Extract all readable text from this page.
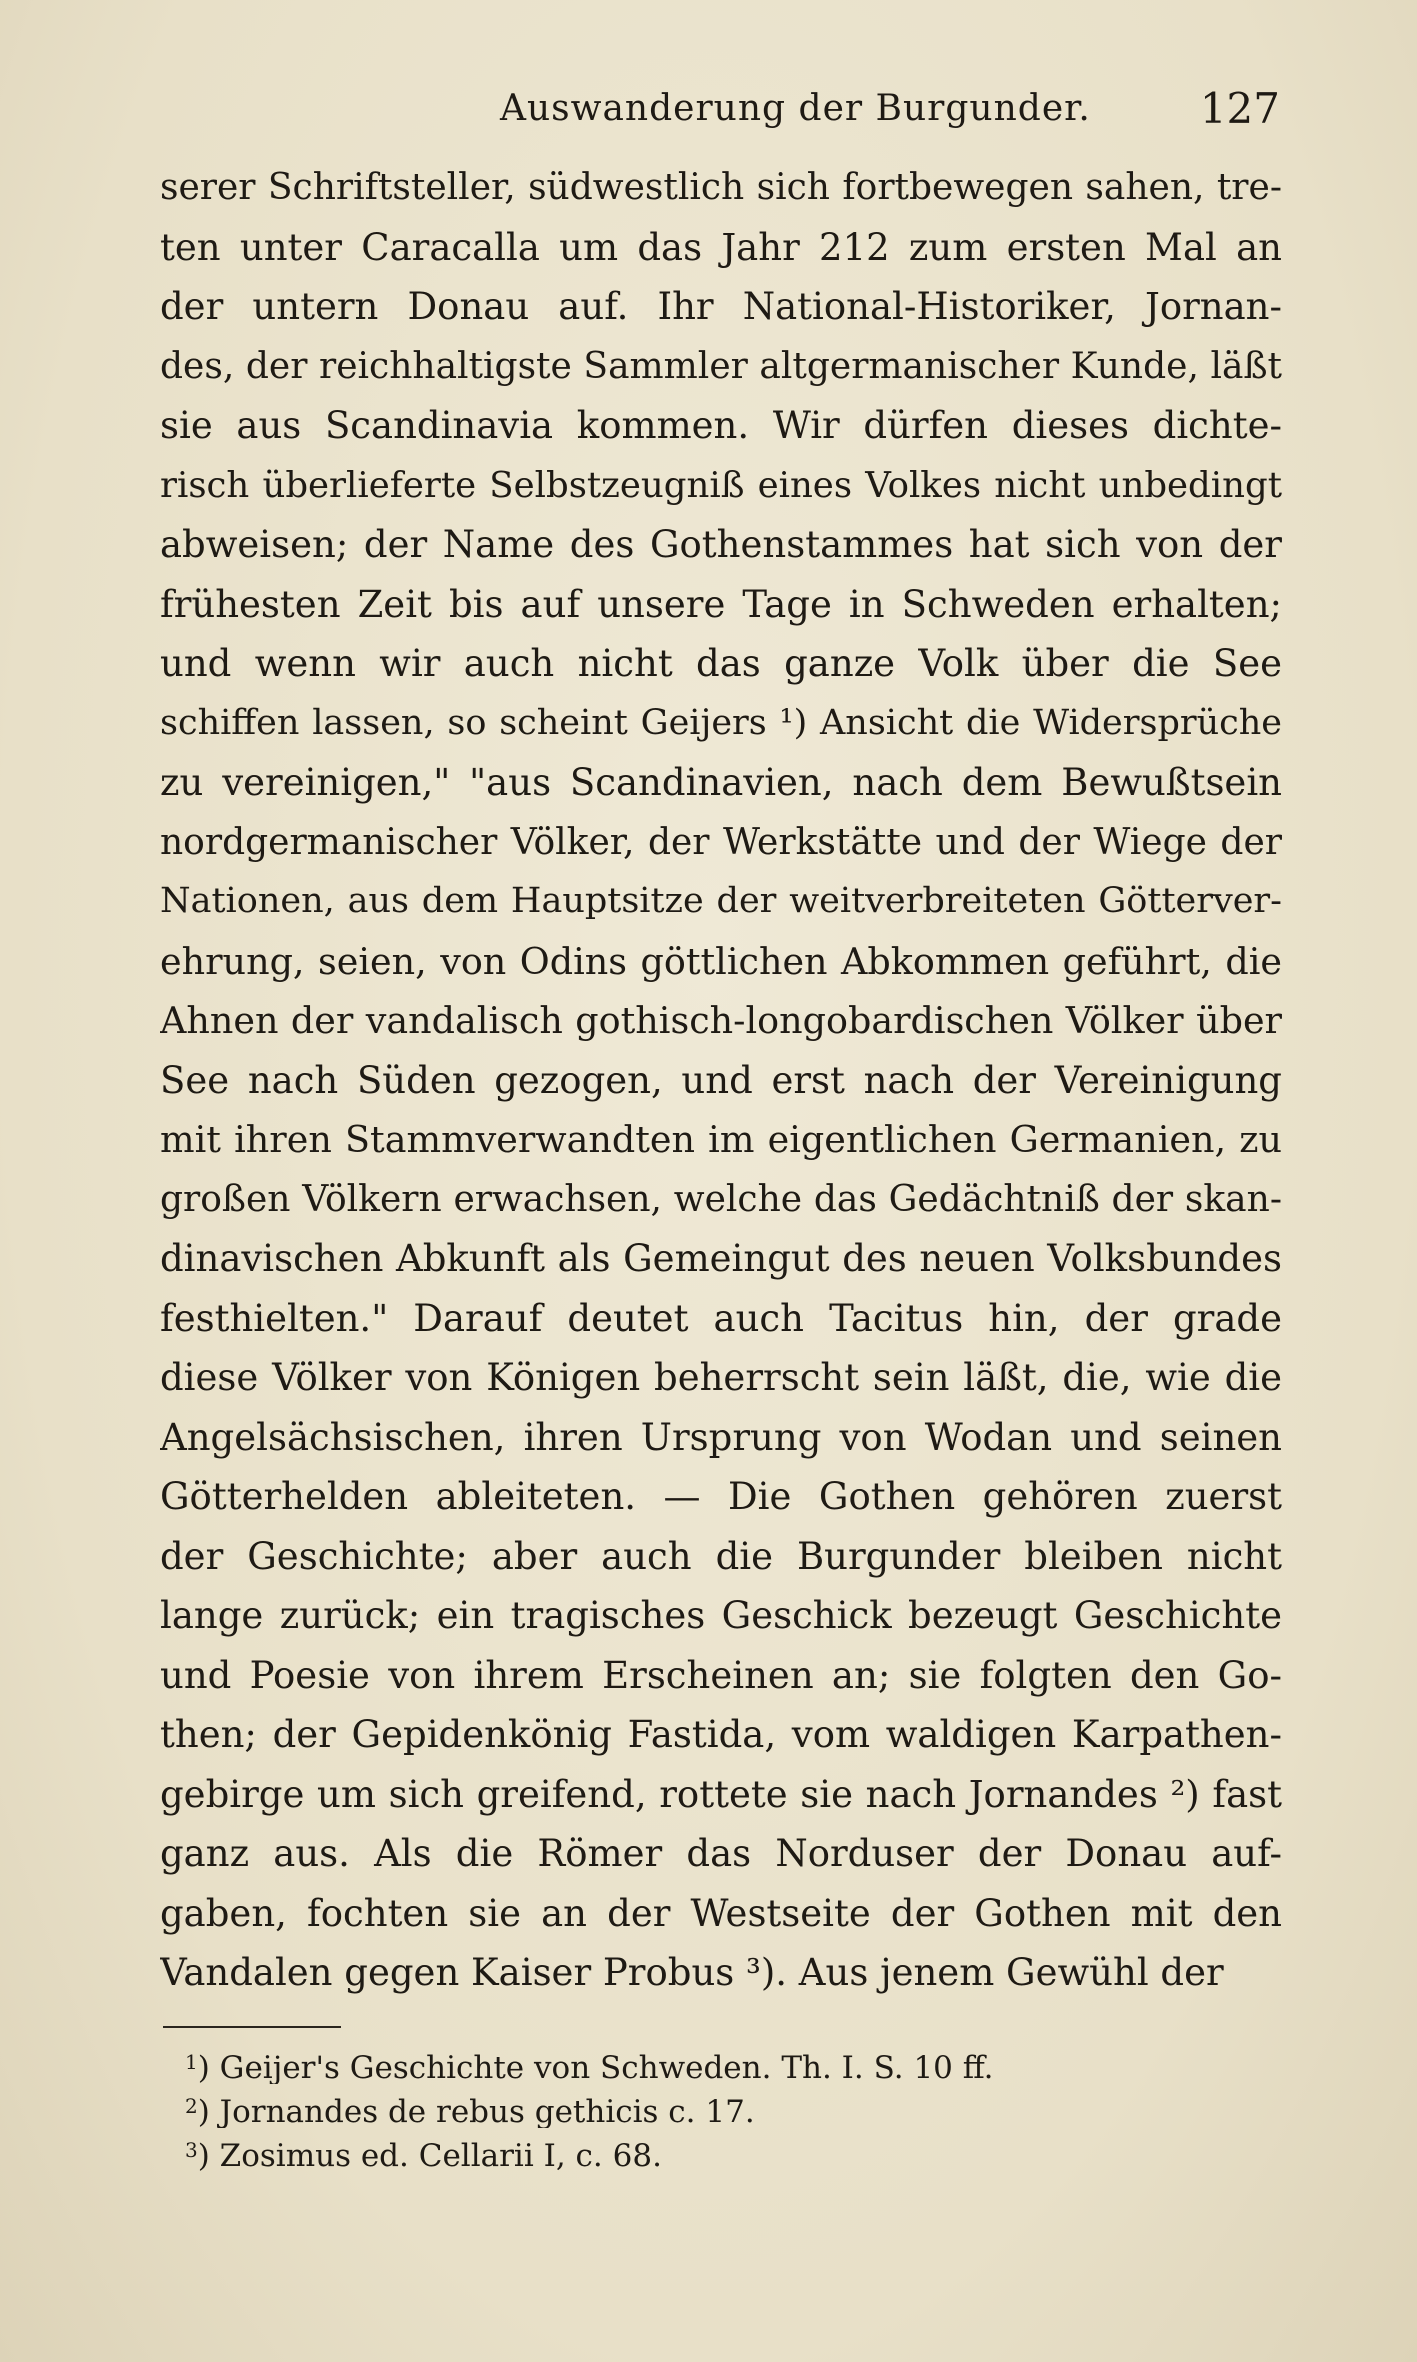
Auswanderung der Burgunder.	127
serer Schriftsteller, südwestlich sich fortbewegen sahen, tre-
ten unter Caracalla um das Jahr 212 zum ersten Mal an
der untern Donau auf. Ihr National-Historiker, Jornan-
des, der reichhaltigste Sammler altgermanischer Kunde, läßt
sie aus Scandinavia kommen. Wir dürfen dieses dichte-
risch überlieferte Selbstzeugniß eines Volkes nicht unbedingt
abweisen; der Name des Gothenstammes hat sich von der
frühesten Zeit bis auf unsere Tage in Schweden erhalten;
und wenn wir auch nicht das ganze Volk über die See
schiffen lassen, so scheint Geijers ¹) Ansicht die Widersprüche
zu vereinigen," "aus Scandinavien, nach dem Bewußtsein
nordgermanischer Völker, der Werkstätte und der Wiege der
Nationen, aus dem Hauptsitze der weitverbreiteten Götterver-
ehrung, seien, von Odins göttlichen Abkommen geführt, die
Ahnen der vandalisch gothisch-longobardischen Völker über
See nach Süden gezogen, und erst nach der Vereinigung
mit ihren Stammverwandten im eigentlichen Germanien, zu
großen Völkern erwachsen, welche das Gedächtniß der skan-
dinavischen Abkunft als Gemeingut des neuen Volksbundes
festhielten." Darauf deutet auch Tacitus hin, der grade
diese Völker von Königen beherrscht sein läßt, die, wie die
Angelsächsischen, ihren Ursprung von Wodan und seinen
Götterhelden ableiteten. — Die Gothen gehören zuerst
der Geschichte; aber auch die Burgunder bleiben nicht
lange zurück; ein tragisches Geschick bezeugt Geschichte
und Poesie von ihrem Erscheinen an; sie folgten den Go-
then; der Gepidenkönig Fastida, vom waldigen Karpathen-
gebirge um sich greifend, rottete sie nach Jornandes ²) fast
ganz aus. Als die Römer das Norduser der Donau auf-
gaben, fochten sie an der Westseite der Gothen mit den
Vandalen gegen Kaiser Probus ³). Aus jenem Gewühl der
$^1$) Geijer's Geschichte von Schweden. Th. I. S. 10 ff.
$^2$) Jornandes de rebus gethicis c. 17.
$^3$) Zosimus ed. Cellarii I, c. 68.
